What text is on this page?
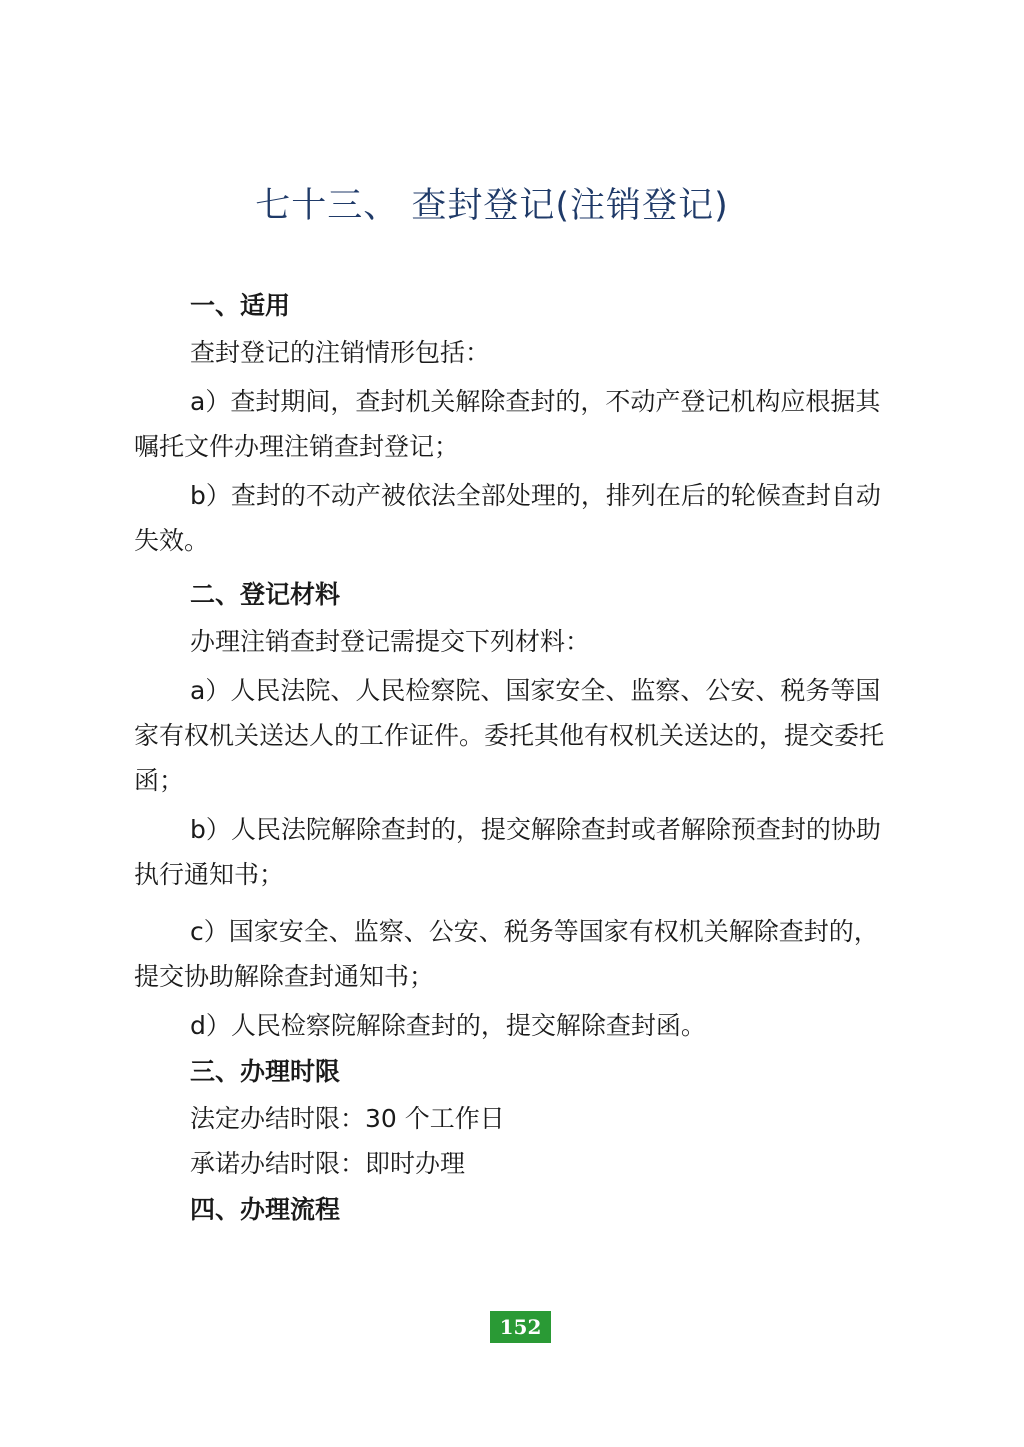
七十三、 查封登记(注销登记)
一、适用

查封登记的注销情形包括：

a）查封期间，查封机关解除查封的，不动产登记机构应根据其嘱托文件办理注销查封登记；

b）查封的不动产被依法全部处理的，排列在后的轮候查封自动失效。

二、登记材料

办理注销查封登记需提交下列材料：

a）人民法院、人民检察院、国家安全、监察、公安、税务等国家有权机关送达人的工作证件。委托其他有权机关送达的，提交委托函；

b）人民法院解除查封的，提交解除查封或者解除预查封的协助执行通知书；

c）国家安全、监察、公安、税务等国家有权机关解除查封的，提交协助解除查封通知书；

d）人民检察院解除查封的，提交解除查封函。

三、办理时限

法定办结时限：30 个工作日

承诺办结时限：即时办理

四、办理流程
152
